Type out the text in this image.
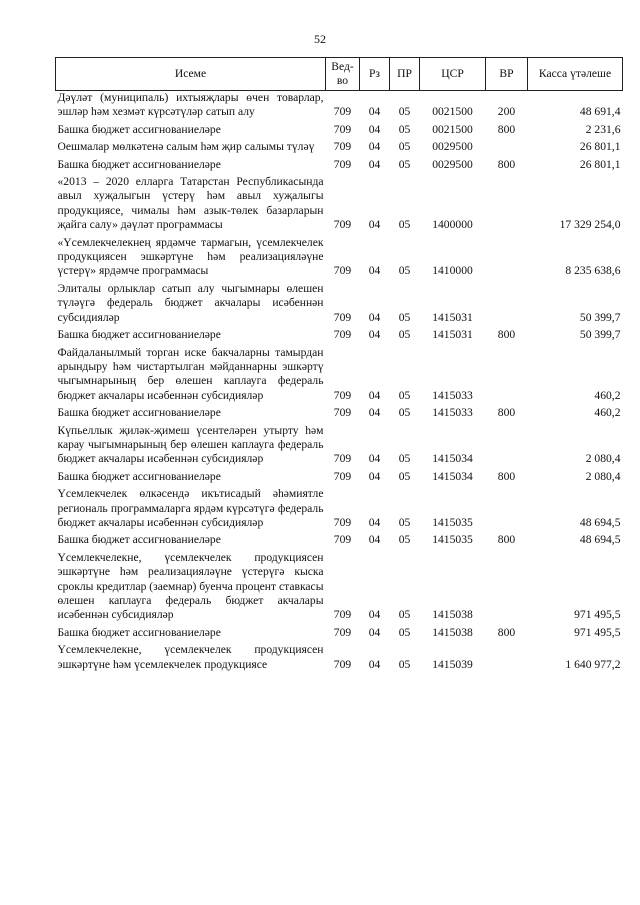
52
Исеме	Вед-во	Рз	ПР	ЦСР	ВР	Касса үтәлеше
Дәүләт (муниципаль) ихтыяҗлары өчен товарлар, эшләр һәм хезмәт күрсәтүләр сатып алу	709	04	05	0021500	200	48 691,4
Башка бюджет ассигнованиеләре	709	04	05	0021500	800	2 231,6
Оешмалар мөлкәтенә салым һәм җир салымы түләү	709	04	05	0029500		26 801,1
Башка бюджет ассигнованиеләре	709	04	05	0029500	800	26 801,1
«2013 – 2020 елларга Татарстан Республикасында авыл хуҗалыгын үстерү һәм авыл хуҗалыгы продукциясе, чималы һәм азык-төлек базарларын җайга салу» дәүләт программасы	709	04	05	1400000		17 329 254,0
«Үсемлекчелекнең ярдәмче тармагын, үсемлекчелек продукциясен эшкәртүне һәм реализацияләүне үстерү» ярдәмче программасы	709	04	05	1410000		8 235 638,6
Элиталы орлыклар сатып алу чыгымнары өлешен түләүгә федераль бюджет акчалары исәбеннән субсидияләр	709	04	05	1415031		50 399,7
Башка бюджет ассигнованиеләре	709	04	05	1415031	800	50 399,7
Файдаланылмый торган иске бакчаларны тамырдан арындыру һәм чистартылган мәйданнарны эшкәртү чыгымнарының бер өлешен каплауга федераль бюджет акчалары исәбеннән субсидияләр	709	04	05	1415033		460,2
Башка бюджет ассигнованиеләре	709	04	05	1415033	800	460,2
Күпьеллык җиләк-җимеш үсентеләрен утырту һәм карау чыгымнарының бер өлешен каплауга федераль бюджет акчалары исәбеннән субсидияләр	709	04	05	1415034		2 080,4
Башка бюджет ассигнованиеләре	709	04	05	1415034	800	2 080,4
Үсемлекчелек өлкәсендә икътисадый әһәмиятле региональ программаларга ярдәм күрсәтүгә федераль бюджет акчалары исәбеннән субсидияләр	709	04	05	1415035		48 694,5
Башка бюджет ассигнованиеләре	709	04	05	1415035	800	48 694,5
Үсемлекчелекне, үсемлекчелек продукциясен эшкәртүне һәм реализацияләүне үстерүгә кыска сроклы кредитлар (заемнар) буенча процент ставкасы өлешен каплауга федераль бюджет акчалары исәбеннән субсидияләр	709	04	05	1415038		971 495,5
Башка бюджет ассигнованиеләре	709	04	05	1415038	800	971 495,5
Үсемлекчелекне, үсемлекчелек продукциясен эшкәртүне һәм үсемлекчелек продукциясе	709	04	05	1415039		1 640 977,2
